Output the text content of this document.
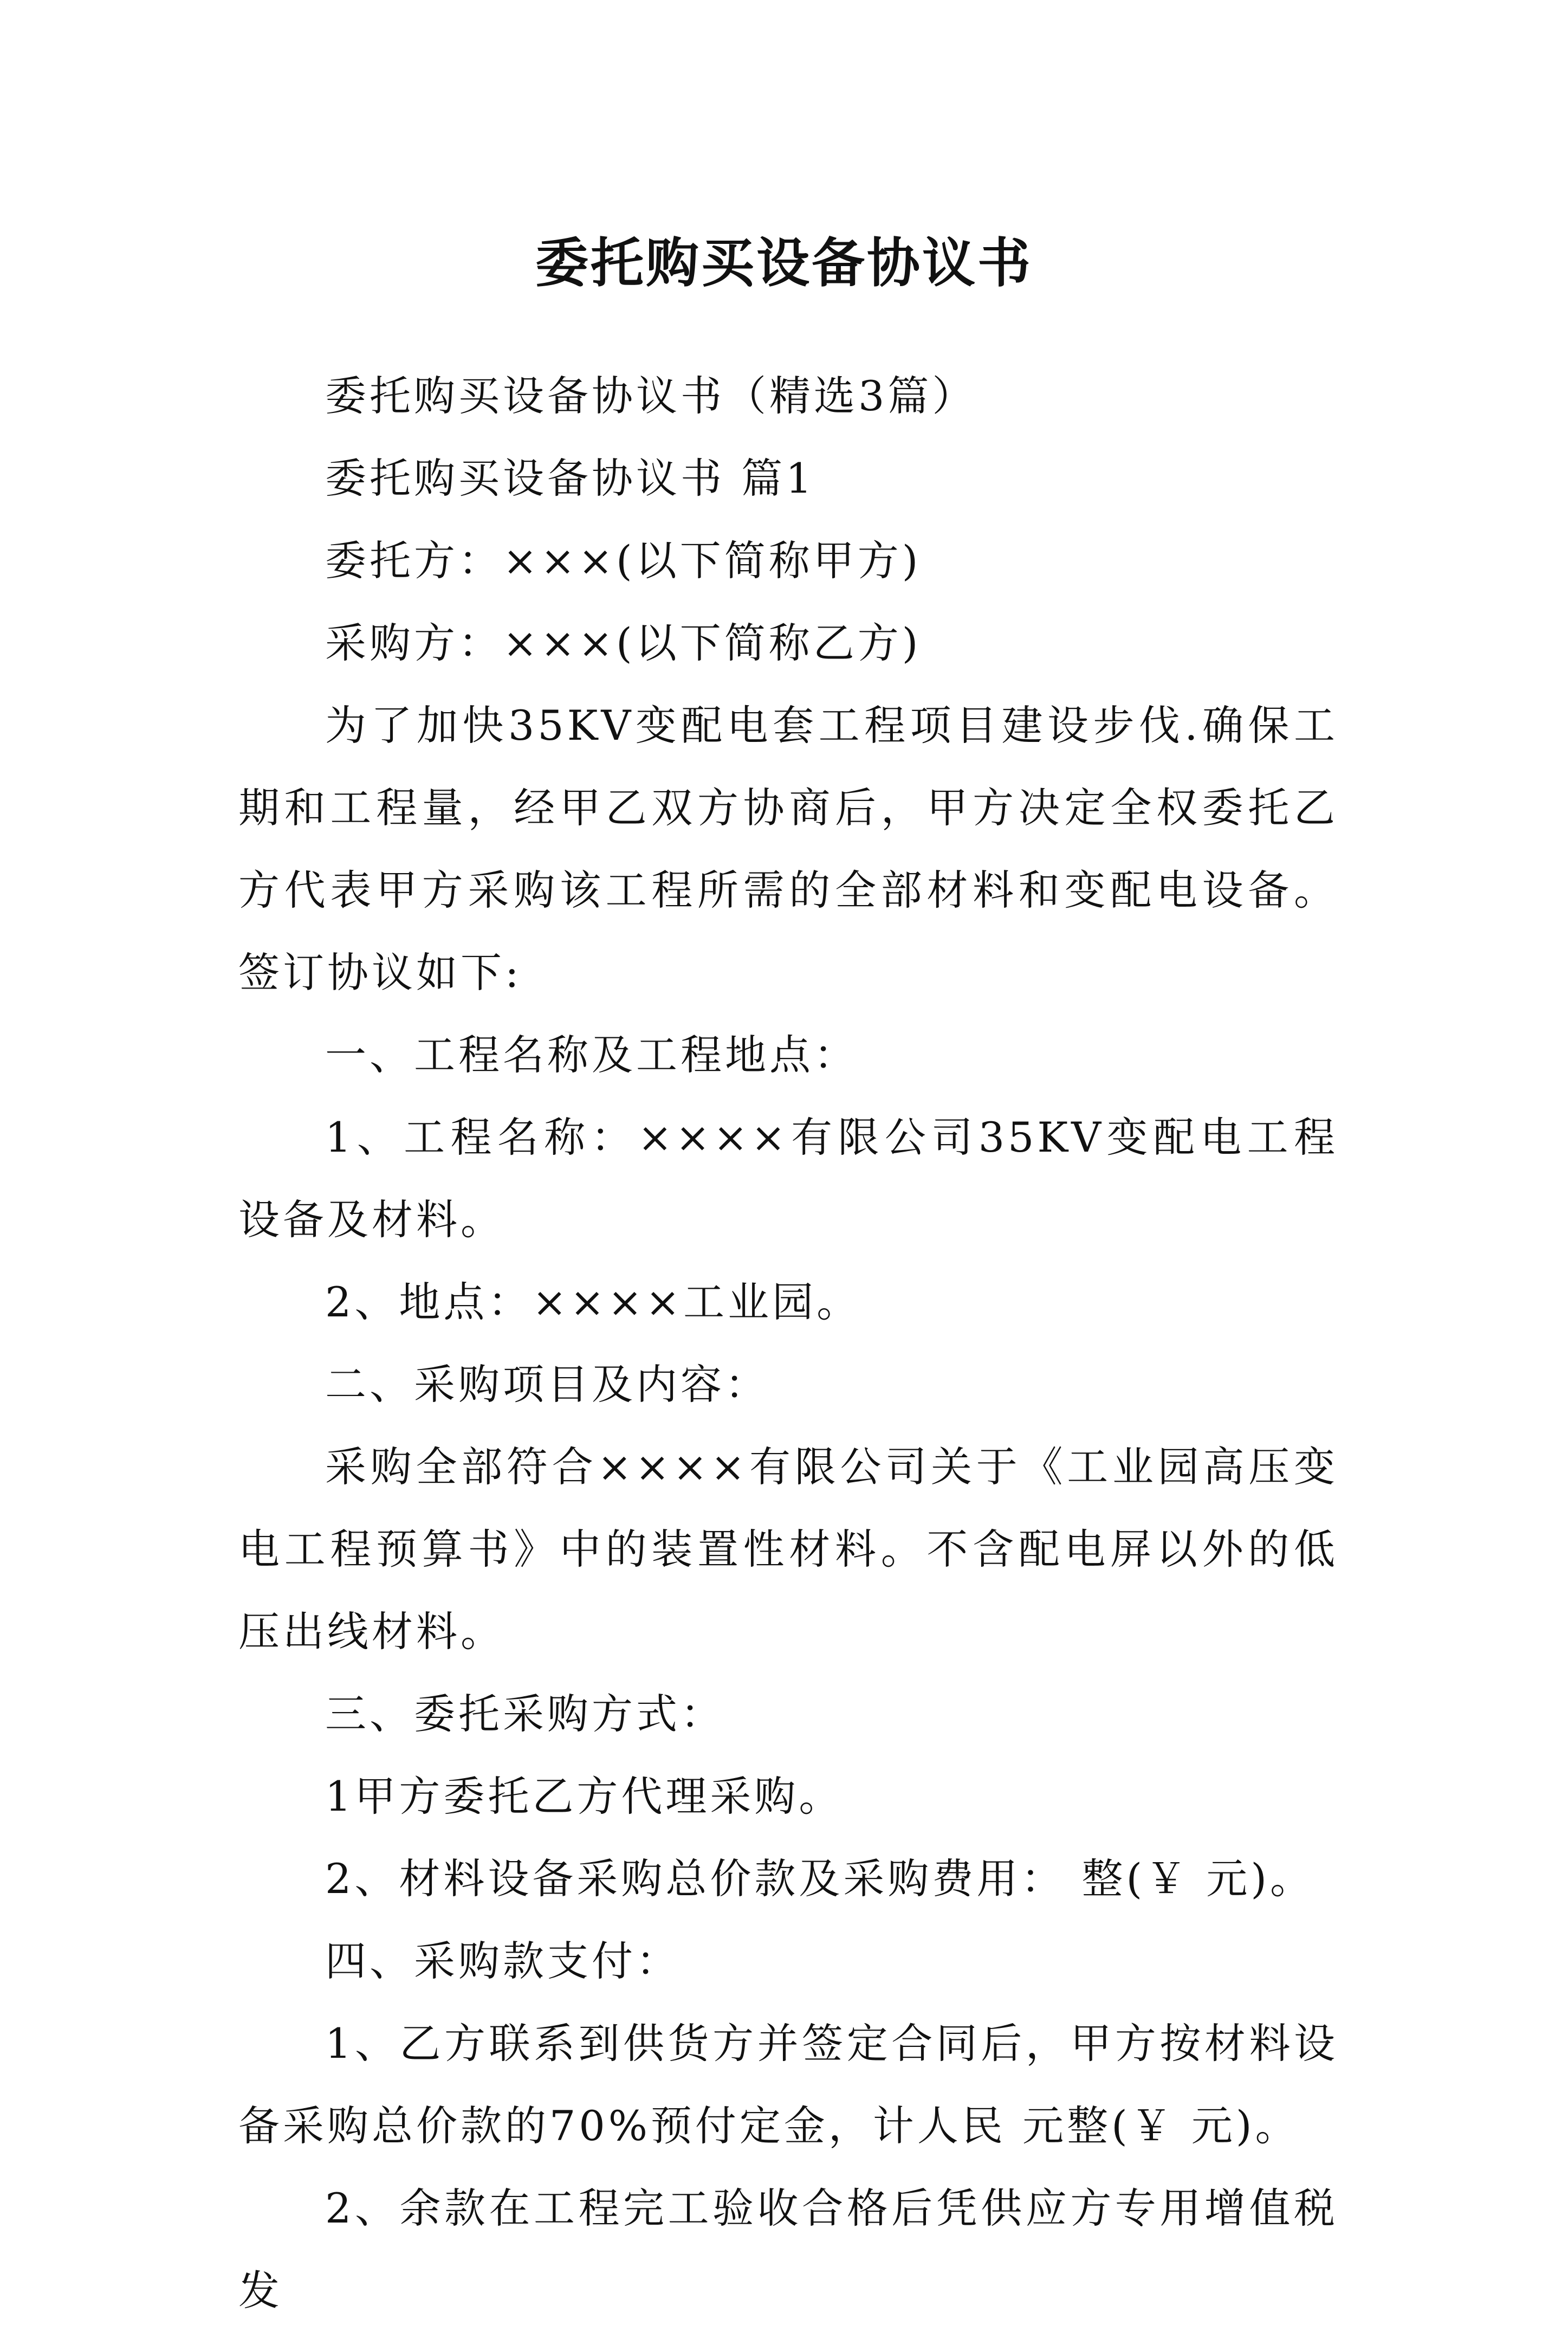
委托购买设备协议书

委托购买设备协议书（精选3篇）

委托购买设备协议书 篇1

委托方：×××(以下简称甲方)

采购方：×××(以下简称乙方)

为了加快35KV变配电套工程项目建设步伐.确保工期和工程量，经甲乙双方协商后，甲方决定全权委托乙方代表甲方采购该工程所需的全部材料和变配电设备。签订协议如下:

一、工程名称及工程地点：

1、工程名称：××××有限公司35KV变配电工程设备及材料。

2、地点：××××工业园。

二、采购项目及内容：

采购全部符合××××有限公司关于《工业园高压变电工程预算书》中的装置性材料。不含配电屏以外的低压出线材料。

三、委托采购方式：

1甲方委托乙方代理采购。

2、材料设备采购总价款及采购费用： 整(￥ 元)。

四、采购款支付：

1、乙方联系到供货方并签定合同后，甲方按材料设备采购总价款的70%预付定金，计人民 元整(￥ 元)。

2、余款在工程完工验收合格后凭供应方专用增值税发
